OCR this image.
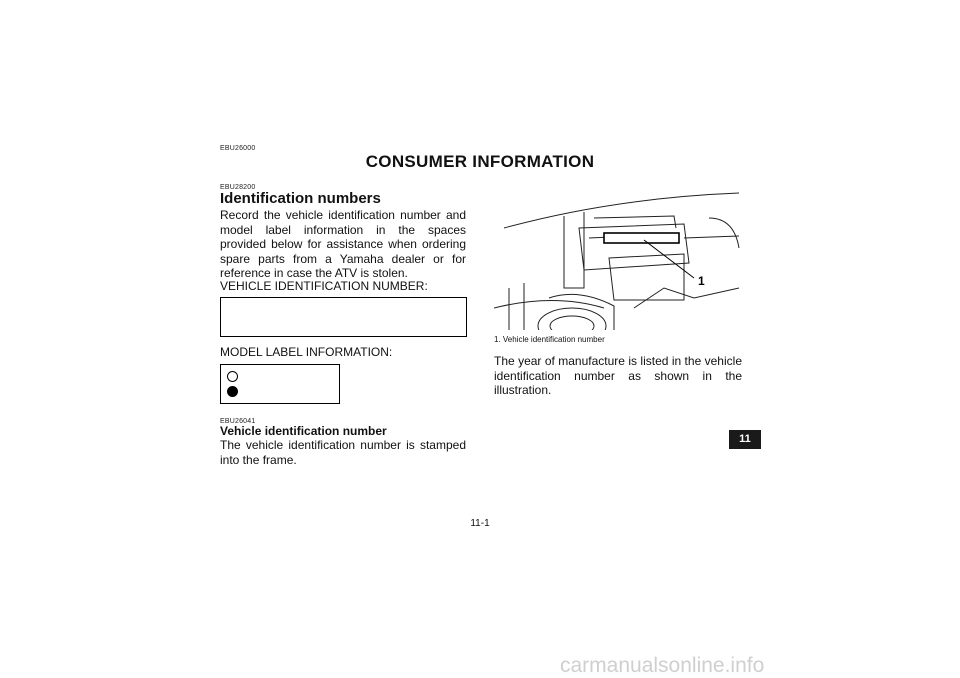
EBU26000
CONSUMER INFORMATION
EBU28200
Identification numbers
Record the vehicle identification number and model label information in the spaces provided below for assistance when ordering spare parts from a Yamaha dealer or for reference in case the ATV is stolen.
VEHICLE IDENTIFICATION NUMBER:
MODEL LABEL INFORMATION:
EBU26041
Vehicle identification number
The vehicle identification number is stamped into the frame.
1
1. Vehicle identification number
The year of manufacture is listed in the vehicle identification number as shown in the illustration.
11
11-1
carmanualsonline.info
